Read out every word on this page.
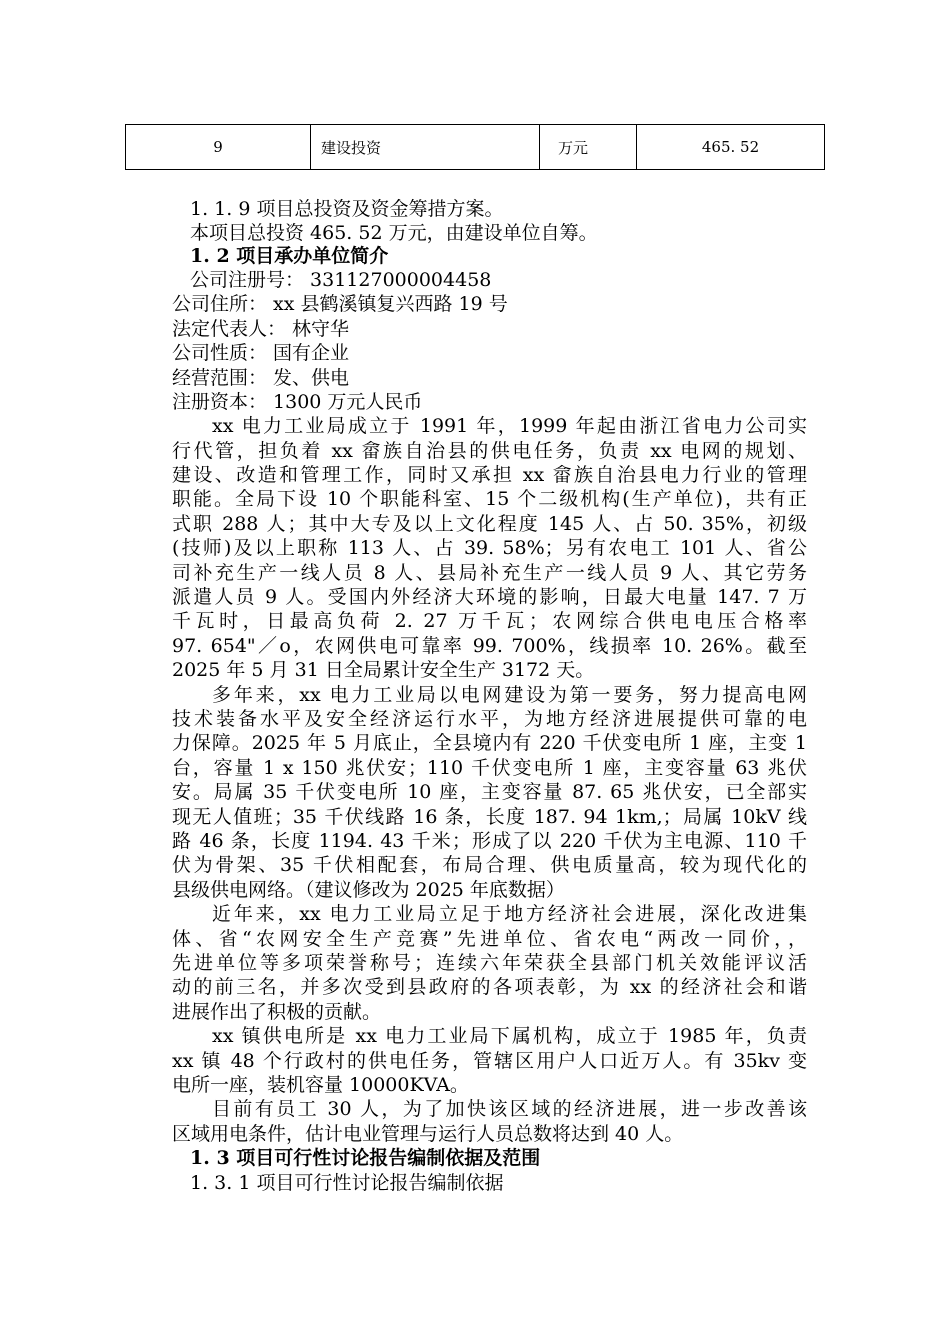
9	建设投资	万元	465. 52
1. 1. 9 项目总投资及资金筹措方案。
本项目总投资 465. 52 万元，由建设单位自筹。
1. 2 项目承办单位简介
公司注册号： 331127000004458
公司住所： xx 县鹤溪镇复兴西路 19 号
法定代表人： 林守华
公司性质： 国有企业
经营范围： 发、供电
注册资本： 1300 万元人民币
xx 电力工业局成立于 1991 年，1999 年起由浙江省电力公司实
行代管，担负着 xx 畲族自治县的供电任务，负责 xx 电网的规划、
建设、改造和管理工作，同时又承担 xx 畲族自治县电力行业的管理
职能。全局下设 10 个职能科室、15 个二级机构(生产单位)，共有正
式职 288 人；其中大专及以上文化程度 145 人、占 50. 35%，初级
(技师)及以上职称 113 人、占 39. 58%；另有农电工 101 人、省公
司补充生产一线人员 8 人、县局补充生产一线人员 9 人、其它劳务
派遣人员 9 人。受国内外经济大环境的影响，日最大电量 147. 7 万
千瓦时，日最高负荷 2. 27 万千瓦；农网综合供电电压合格率
97. 654"／o，农网供电可靠率 99. 700%，线损率 10. 26%。截至
2025 年 5 月 31 日全局累计安全生产 3172 天。
多年来，xx 电力工业局以电网建设为第一要务，努力提高电网
技术装备水平及安全经济运行水平，为地方经济进展提供可靠的电
力保障。2025 年 5 月底止，全县境内有 220 千伏变电所 1 座，主变 1
台，容量 1 x 150 兆伏安；110 千伏变电所 1 座，主变容量 63 兆伏
安。局属 35 千伏变电所 10 座，主变容量 87. 65 兆伏安，已全部实
现无人值班；35 千伏线路 16 条，长度 187. 94 1km,；局属 10kV 线
路 46 条，长度 1194. 43 千米；形成了以 220 千伏为主电源、110 千
伏为骨架、35 千伏相配套，布局合理、供电质量高，较为现代化的
县级供电网络。（建议修改为 2025 年底数据）
近年来，xx 电力工业局立足于地方经济社会进展，深化改进集
体、省“农网安全生产竞赛”先进单位、省农电“两改一同价，，
先进单位等多项荣誉称号；连续六年荣获全县部门机关效能评议活
动的前三名，并多次受到县政府的各项表彰，为 xx 的经济社会和谐
进展作出了积极的贡献。
xx 镇供电所是 xx 电力工业局下属机构，成立于 1985 年，负责
xx 镇 48 个行政村的供电任务，管辖区用户人口近万人。有 35kv 变
电所一座，装机容量 10000KVA。
目前有员工 30 人，为了加快该区域的经济进展，进一步改善该
区域用电条件，估计电业管理与运行人员总数将达到 40 人。
1. 3 项目可行性讨论报告编制依据及范围
1. 3. 1 项目可行性讨论报告编制依据
